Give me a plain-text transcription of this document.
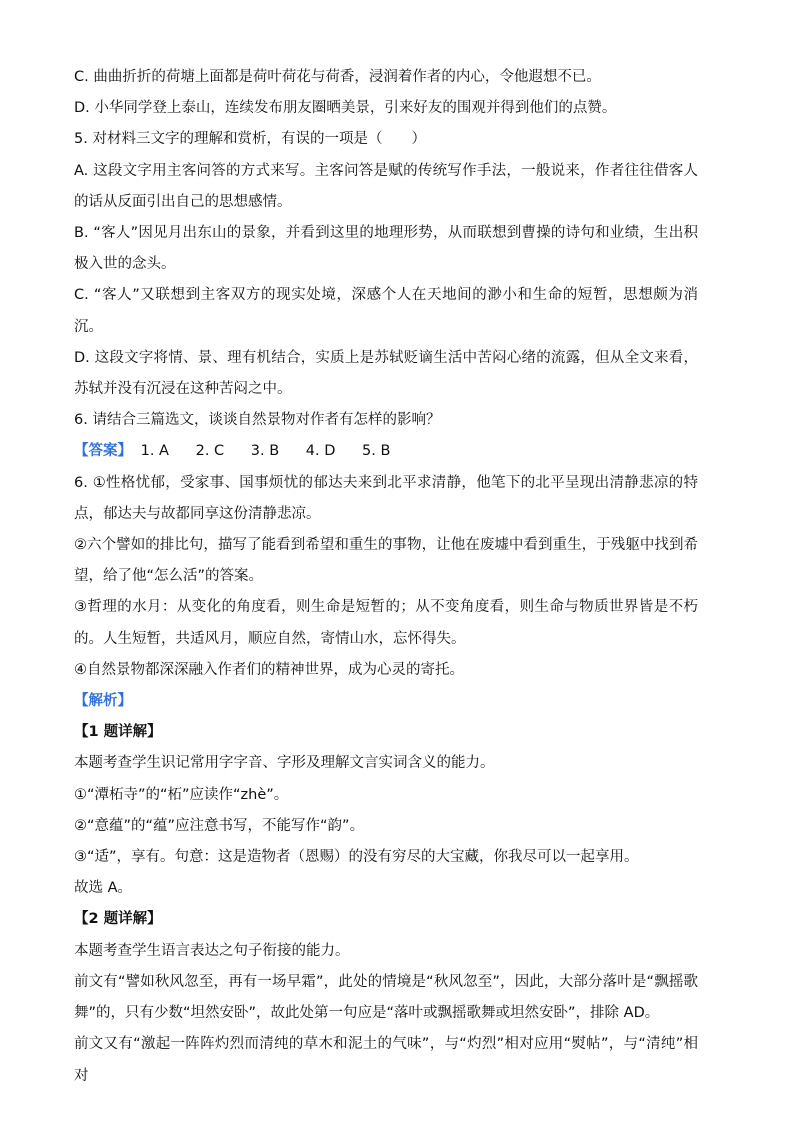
C. 曲曲折折的荷塘上面都是荷叶荷花与荷香，浸润着作者的内心，令他遐想不已。

D. 小华同学登上泰山，连续发布朋友圈晒美景，引来好友的围观并得到他们的点赞。

5. 对材料三文字的理解和赏析，有误的一项是（　　）

A. 这段文字用主客问答的方式来写。主客问答是赋的传统写作手法，一般说来，作者往往借客人的话从反面引出自己的思想感情。

B. “客人”因见月出东山的景象，并看到这里的地理形势，从而联想到曹操的诗句和业绩，生出积极入世的念头。

C. “客人”又联想到主客双方的现实处境，深感个人在天地间的渺小和生命的短暂，思想颇为消沉。

D. 这段文字将情、景、理有机结合，实质上是苏轼贬谪生活中苦闷心绪的流露，但从全文来看，苏轼并没有沉浸在这种苦闷之中。

6. 请结合三篇选文，谈谈自然景物对作者有怎样的影响？

【答案】 1. A 2. C 3. B 4. D 5. B

6. ①性格忧郁，受家事、国事烦忧的郁达夫来到北平求清静，他笔下的北平呈现出清静悲凉的特点，郁达夫与故都同享这份清静悲凉。

②六个譬如的排比句，描写了能看到希望和重生的事物，让他在废墟中看到重生，于残躯中找到希望，给了他“怎么活”的答案。

③哲理的水月：从变化的角度看，则生命是短暂的；从不变角度看，则生命与物质世界皆是不朽的。人生短暂，共适风月，顺应自然，寄情山水，忘怀得失。

④自然景物都深深融入作者们的精神世界，成为心灵的寄托。

【解析】

【1 题详解】

本题考查学生识记常用字字音、字形及理解文言实词含义的能力。

①“潭柘寺”的“柘”应读作“zhè”。

②“意蕴”的“蕴”应注意书写，不能写作“韵”。

③“适”，享有。句意：这是造物者（恩赐）的没有穷尽的大宝藏，你我尽可以一起享用。

故选 A。

【2 题详解】

本题考查学生语言表达之句子衔接的能力。

前文有“譬如秋风忽至，再有一场早霜”，此处的情境是“秋风忽至”，因此，大部分落叶是“飘摇歌舞”的，只有少数“坦然安卧”，故此处第一句应是“落叶或飘摇歌舞或坦然安卧”，排除 AD。

前文又有“激起一阵阵灼烈而清纯的草木和泥土的气味”，与“灼烈”相对应用“熨帖”，与“清纯”相对
